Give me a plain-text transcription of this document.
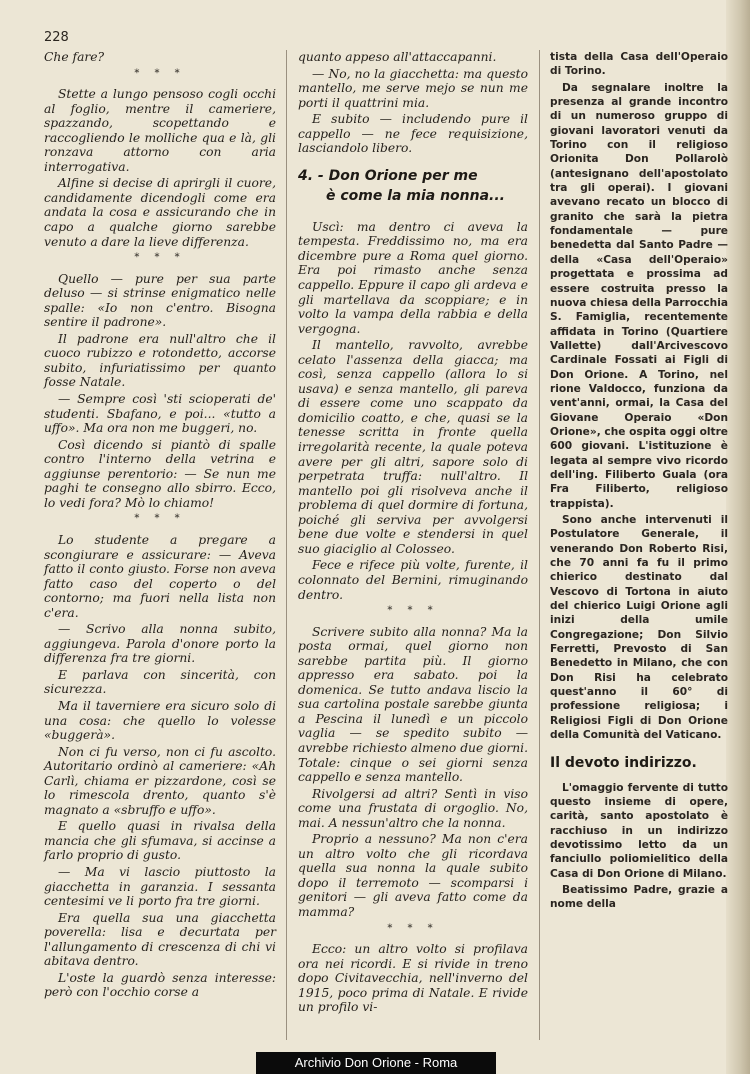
228

Che fare?

* * *

Stette a lungo pensoso cogli occhi al foglio, mentre il cameriere, spazzando, scopettando e raccogliendo le molliche qua e là, gli ronzava attorno con aria interrogativa.

Alfine si decise di aprirgli il cuore, candidamente dicendogli come era andata la cosa e assicurando che in capo a qualche giorno sarebbe venuto a dare la lieve differenza.

* * *

Quello — pure per sua parte deluso — si strinse enigmatico nelle spalle: «Io non c'entro. Bisogna sentire il padrone».

Il padrone era null'altro che il cuoco rubizzo e rotondetto, accorse subito, infuriatissimo per quanto fosse Natale.

— Sempre così 'sti scioperati de' studenti. Sbafano, e poi... «tutto a uffo». Ma ora non me buggeri, no.

Così dicendo si piantò di spalle contro l'interno della vetrina e aggiunse perentorio: — Se nun me paghi te consegno allo sbirro. Ecco, lo vedi fora? Mò lo chiamo!

* * *

Lo studente a pregare a scongiurare e assicurare: — Aveva fatto il conto giusto. Forse non aveva fatto caso del coperto o del contorno; ma fuori nella lista non c'era.

— Scrivo alla nonna subito, aggiungeva. Parola d'onore porto la differenza fra tre giorni.

E parlava con sincerità, con sicurezza.

Ma il taverniere era sicuro solo di una cosa: che quello lo volesse «buggerà».

Non ci fu verso, non ci fu ascolto. Autoritario ordinò al cameriere: «Ah Carlì, chiama er pizzardone, così se lo rimescola drento, quanto s'è magnato a «sbruffo e uffo».

E quello quasi in rivalsa della mancia che gli sfumava, si accinse a farlo proprio di gusto.

— Ma vi lascio piuttosto la giacchetta in garanzia. I sessanta centesimi ve li porto fra tre giorni.

Era quella sua una giacchetta poverella: lisa e decurtata per l'allungamento di crescenza di chi vi abitava dentro.

L'oste la guardò senza interesse: però con l'occhio corse a

quanto appeso all'attaccapanni.

— No, no la giacchetta: ma questo mantello, me serve mejo se nun me porti il quattrini mia.

E subito — includendo pure il cappello — ne fece requisizione, lasciandolo libero.

4. - Don Orione per me
è come la mia nonna...

Uscì: ma dentro ci aveva la tempesta. Freddissimo no, ma era dicembre pure a Roma quel giorno. Era poi rimasto anche senza cappello. Eppure il capo gli ardeva e gli martellava da scoppiare; e in volto la vampa della rabbia e della vergogna.

Il mantello, ravvolto, avrebbe celato l'assenza della giacca; ma così, senza cappello (allora lo si usava) e senza mantello, gli pareva di essere come uno scappato da domicilio coatto, e che, quasi se la tenesse scritta in fronte quella irregolarità recente, la quale poteva avere per gli altri, sapore solo di perpetrata truffa: null'altro. Il mantello poi gli risolveva anche il problema di quel dormire di fortuna, poiché gli serviva per avvolgersi bene due volte e stendersi in quel suo giaciglio al Colosseo.

Fece e rifece più volte, furente, il colonnato del Bernini, rimuginando dentro.

* * *

Scrivere subito alla nonna? Ma la posta ormai, quel giorno non sarebbe partita più. Il giorno appresso era sabato. poi la domenica. Se tutto andava liscio la sua cartolina postale sarebbe giunta a Pescina il lunedì e un piccolo vaglia — se spedito subito — avrebbe richiesto almeno due giorni. Totale: cinque o sei giorni senza cappello e senza mantello.

Rivolgersi ad altri? Sentì in viso come una frustata di orgoglio. No, mai. A nessun'altro che la nonna.

Proprio a nessuno? Ma non c'era un altro volto che gli ricordava quella sua nonna la quale subito dopo il terremoto — scomparsi i genitori — gli aveva fatto come da mamma?

* * *

Ecco: un altro volto si profilava ora nei ricordi. E si rivide in treno dopo Civitavecchia, nell'inverno del 1915, poco prima di Natale. E rivide un profilo vi-

tista della Casa dell'Operaio di Torino.

Da segnalare inoltre la presenza al grande incontro di un numeroso gruppo di giovani lavoratori venuti da Torino con il religioso Orionita Don Pollarolò (antesignano dell'apostolato tra gli operai). I giovani avevano recato un blocco di granito che sarà la pietra fondamentale — pure benedetta dal Santo Padre — della «Casa dell'Operaio» progettata e prossima ad essere costruita presso la nuova chiesa della Parrocchia S. Famiglia, recentemente affidata in Torino (Quartiere Vallette) dall'Arcivescovo Cardinale Fossati ai Figli di Don Orione. A Torino, nel rione Valdocco, funziona da vent'anni, ormai, la Casa del Giovane Operaio «Don Orione», che ospita oggi oltre 600 giovani. L'istituzione è legata al sempre vivo ricordo dell'ing. Filiberto Guala (ora Fra Filiberto, religioso trappista).

Sono anche intervenuti il Postulatore Generale, il venerando Don Roberto Risi, che 70 anni fa fu il primo chierico destinato dal Vescovo di Tortona in aiuto del chierico Luigi Orione agli inizi della umile Congregazione; Don Silvio Ferretti, Prevosto di San Benedetto in Milano, che con Don Risi ha celebrato quest'anno il 60° di professione religiosa; i Religiosi Figli di Don Orione della Comunità del Vaticano.

Il devoto indirizzo.

L'omaggio fervente di tutto questo insieme di opere, carità, santo apostolato è racchiuso in un indirizzo devotissimo letto da un fanciullo poliomielitico della Casa di Don Orione di Milano.

Beatissimo Padre, grazie a nome della

Archivio Don Orione - Roma
